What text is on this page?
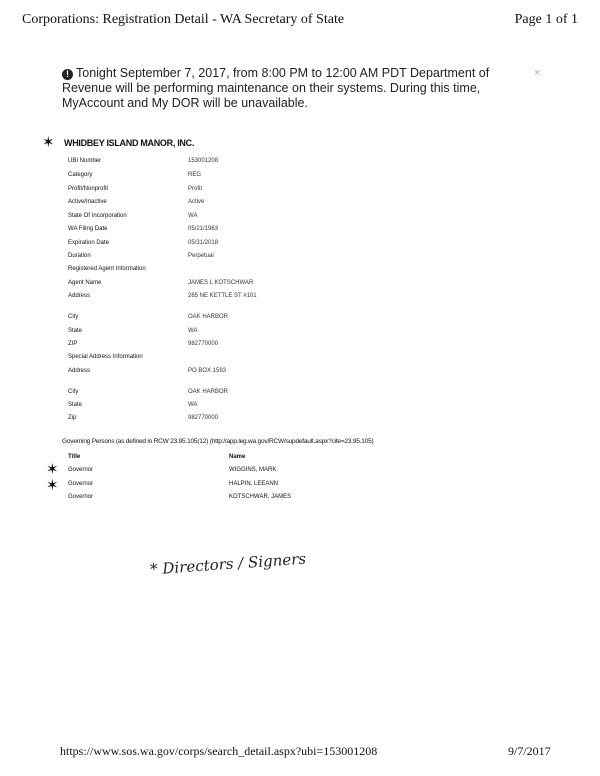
Corporations: Registration Detail - WA Secretary of State	Page 1 of 1
! Tonight September 7, 2017, from 8:00 PM to 12:00 AM PDT Department of Revenue will be performing maintenance on their systems. During this time, MyAccount and My DOR will be unavailable.
×
✶ WHIDBEY ISLAND MANOR, INC.
UBI Number	153001208
Category	REG
Profit/Nonprofit	Profit
Active/Inactive	Active
State Of Incorporation	WA
WA Filing Date	05/21/1963
Expiration Date	05/31/2018
Duration	Perpetual
Registered Agent Information
Agent Name	JAMES L KOTSCHWAR
Address	265 NE KETTLE ST #101
City	OAK HARBOR
State	WA
ZIP	982770000
Special Address Information
Address	PO BOX 1593
City	OAK HARBOR
State	WA
Zip	982770000
Governing Persons (as defined in RCW 23.95.105(12) (http://app.leg.wa.gov/RCW/supdefault.aspx?cite=23.95.105)
Title	Name
✶
✶
Governor	WIGGINS, MARK
Governor	HALPIN, LEEANN
Governor	KOTSCHWAR, JAMES
* Directors / Signers
https://www.sos.wa.gov/corps/search_detail.aspx?ubi=153001208	9/7/2017
